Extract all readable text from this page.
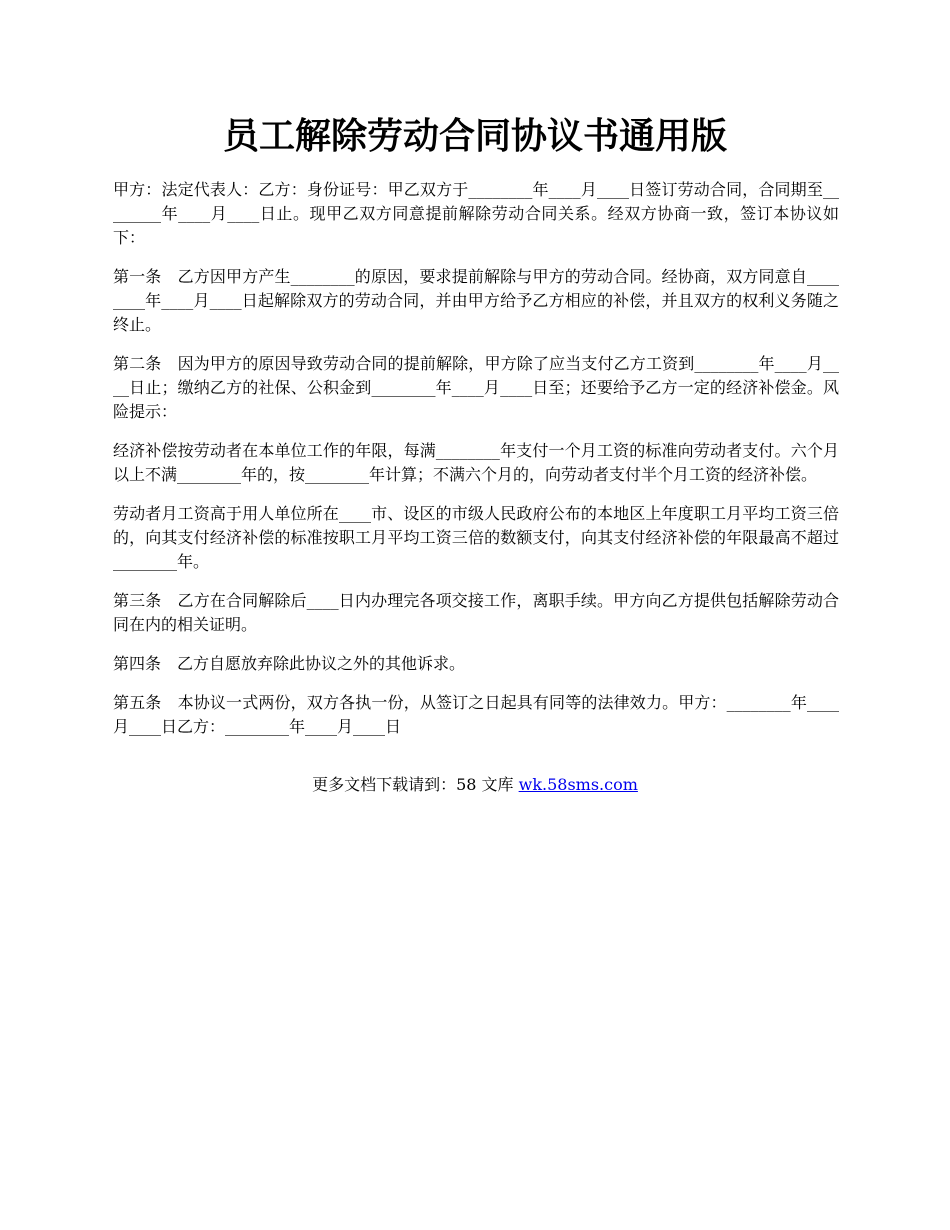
员工解除劳动合同协议书通用版

甲方：法定代表人：乙方：身份证号：甲乙双方于________年____月____日签订劳动合同，合同期至________年____月____日止。现甲乙双方同意提前解除劳动合同关系。经双方协商一致，签订本协议如下：

第一条　乙方因甲方产生________的原因，要求提前解除与甲方的劳动合同。经协商，双方同意自________年____月____日起解除双方的劳动合同，并由甲方给予乙方相应的补偿，并且双方的权利义务随之终止。

第二条　因为甲方的原因导致劳动合同的提前解除，甲方除了应当支付乙方工资到________年____月____日止；缴纳乙方的社保、公积金到________年____月____日至；还要给予乙方一定的经济补偿金。风险提示：

经济补偿按劳动者在本单位工作的年限，每满________年支付一个月工资的标准向劳动者支付。六个月以上不满________年的，按________年计算；不满六个月的，向劳动者支付半个月工资的经济补偿。

劳动者月工资高于用人单位所在____市、设区的市级人民政府公布的本地区上年度职工月平均工资三倍的，向其支付经济补偿的标准按职工月平均工资三倍的数额支付，向其支付经济补偿的年限最高不超过________年。

第三条　乙方在合同解除后____日内办理完各项交接工作，离职手续。甲方向乙方提供包括解除劳动合同在内的相关证明。

第四条　乙方自愿放弃除此协议之外的其他诉求。

第五条　本协议一式两份，双方各执一份，从签订之日起具有同等的法律效力。甲方：________年____月____日乙方：________年____月____日

更多文档下载请到：58 文库 wk.58sms.com
